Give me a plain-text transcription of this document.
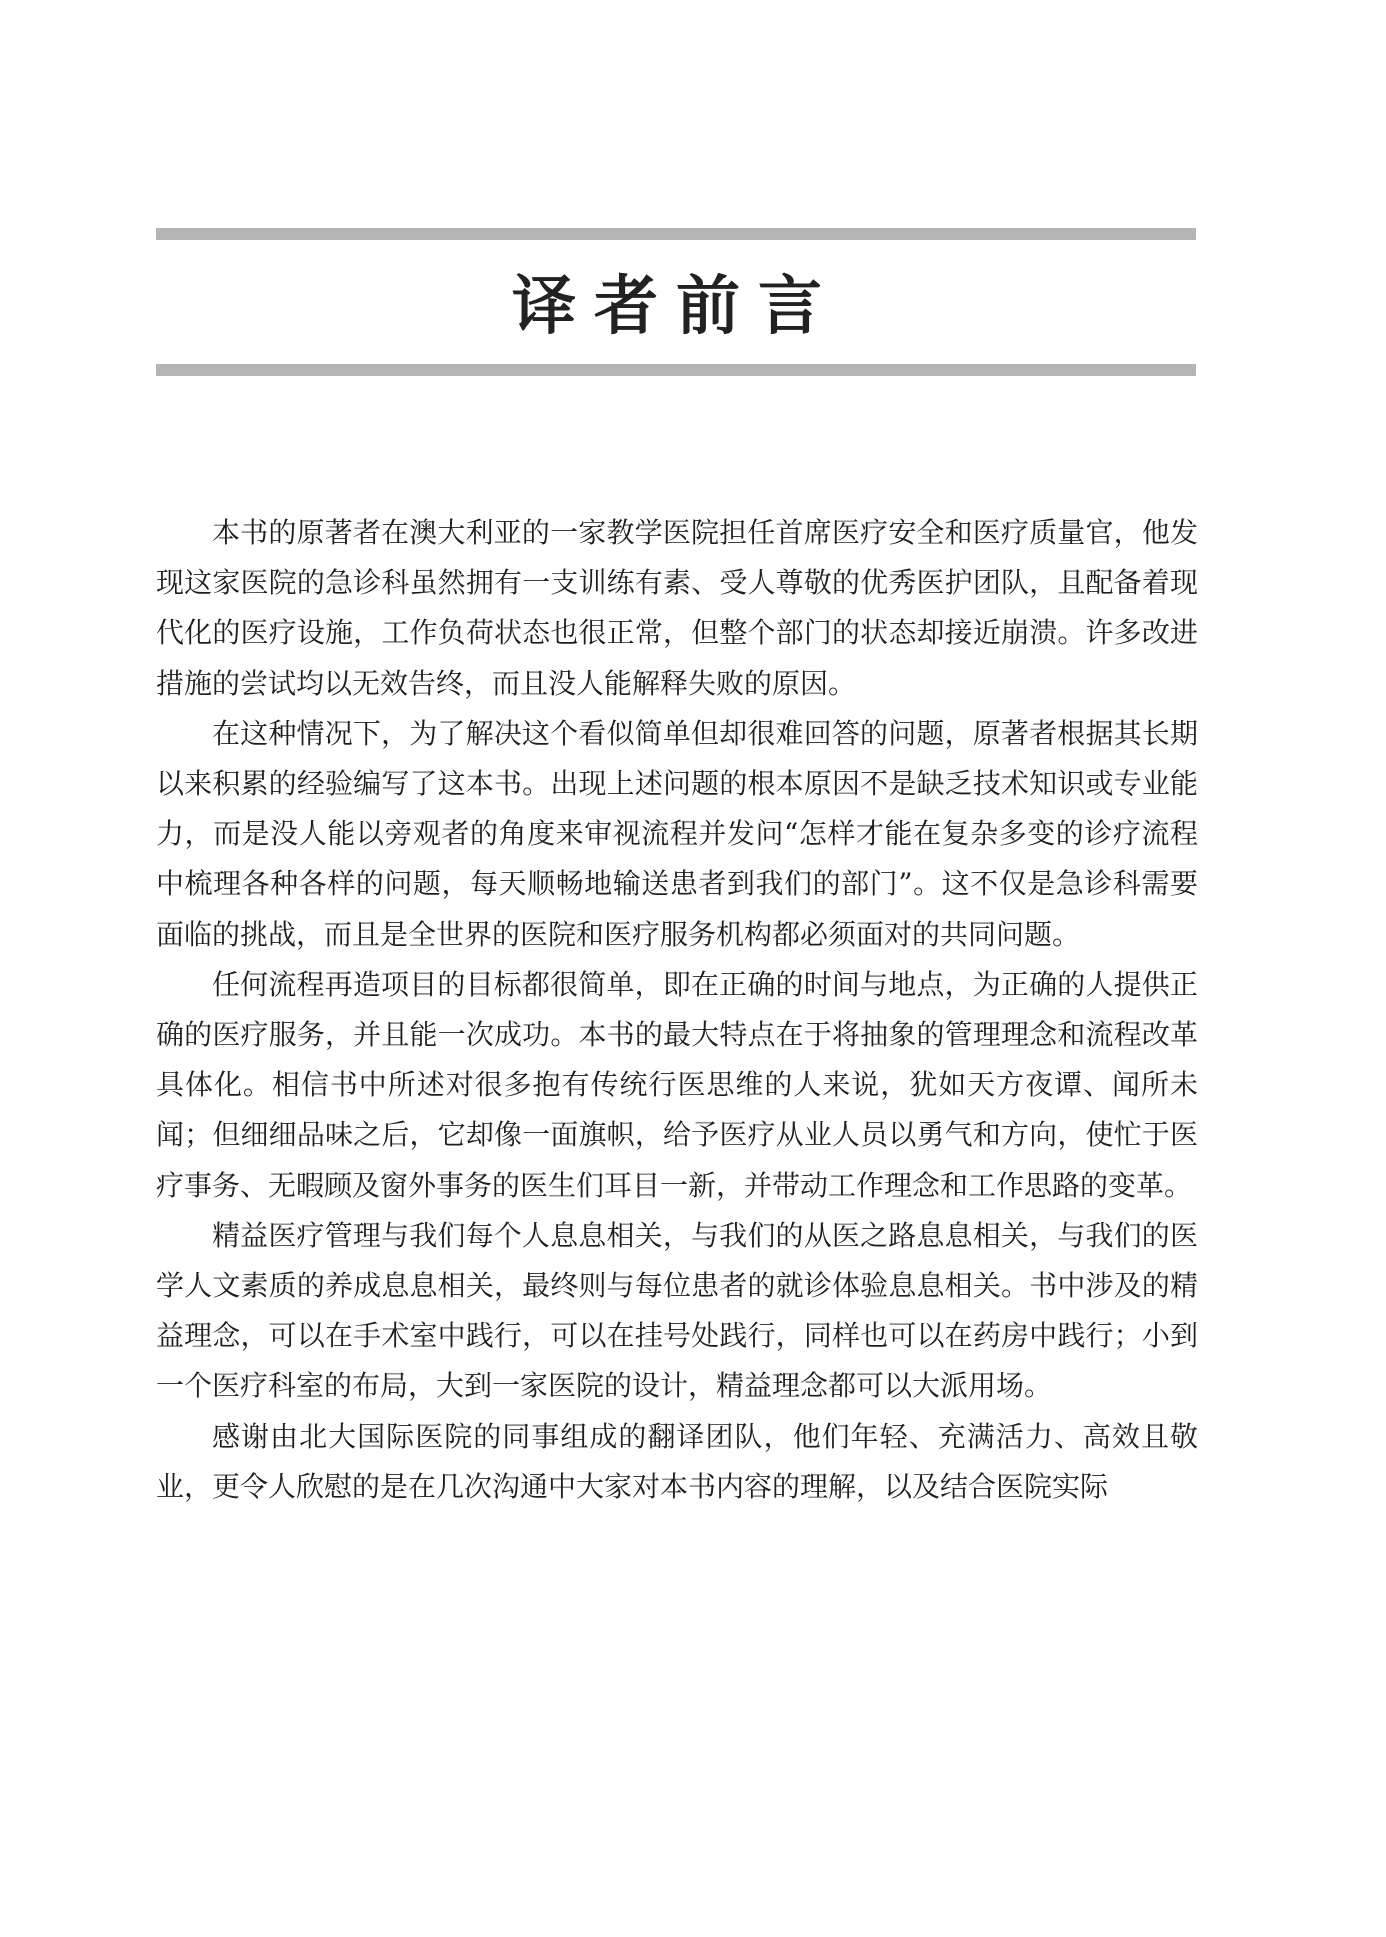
译者前言

本书的原著者在澳大利亚的一家教学医院担任首席医疗安全和医疗质量官，他发现这家医院的急诊科虽然拥有一支训练有素、受人尊敬的优秀医护团队，且配备着现代化的医疗设施，工作负荷状态也很正常，但整个部门的状态却接近崩溃。许多改进措施的尝试均以无效告终，而且没人能解释失败的原因。

在这种情况下，为了解决这个看似简单但却很难回答的问题，原著者根据其长期以来积累的经验编写了这本书。出现上述问题的根本原因不是缺乏技术知识或专业能力，而是没人能以旁观者的角度来审视流程并发问“怎样才能在复杂多变的诊疗流程中梳理各种各样的问题，每天顺畅地输送患者到我们的部门”。这不仅是急诊科需要面临的挑战，而且是全世界的医院和医疗服务机构都必须面对的共同问题。

任何流程再造项目的目标都很简单，即在正确的时间与地点，为正确的人提供正确的医疗服务，并且能一次成功。本书的最大特点在于将抽象的管理理念和流程改革具体化。相信书中所述对很多抱有传统行医思维的人来说，犹如天方夜谭、闻所未闻；但细细品味之后，它却像一面旗帜，给予医疗从业人员以勇气和方向，使忙于医疗事务、无暇顾及窗外事务的医生们耳目一新，并带动工作理念和工作思路的变革。

精益医疗管理与我们每个人息息相关，与我们的从医之路息息相关，与我们的医学人文素质的养成息息相关，最终则与每位患者的就诊体验息息相关。书中涉及的精益理念，可以在手术室中践行，可以在挂号处践行，同样也可以在药房中践行；小到一个医疗科室的布局，大到一家医院的设计，精益理念都可以大派用场。

感谢由北大国际医院的同事组成的翻译团队，他们年轻、充满活力、高效且敬业，更令人欣慰的是在几次沟通中大家对本书内容的理解，以及结合医院实际
